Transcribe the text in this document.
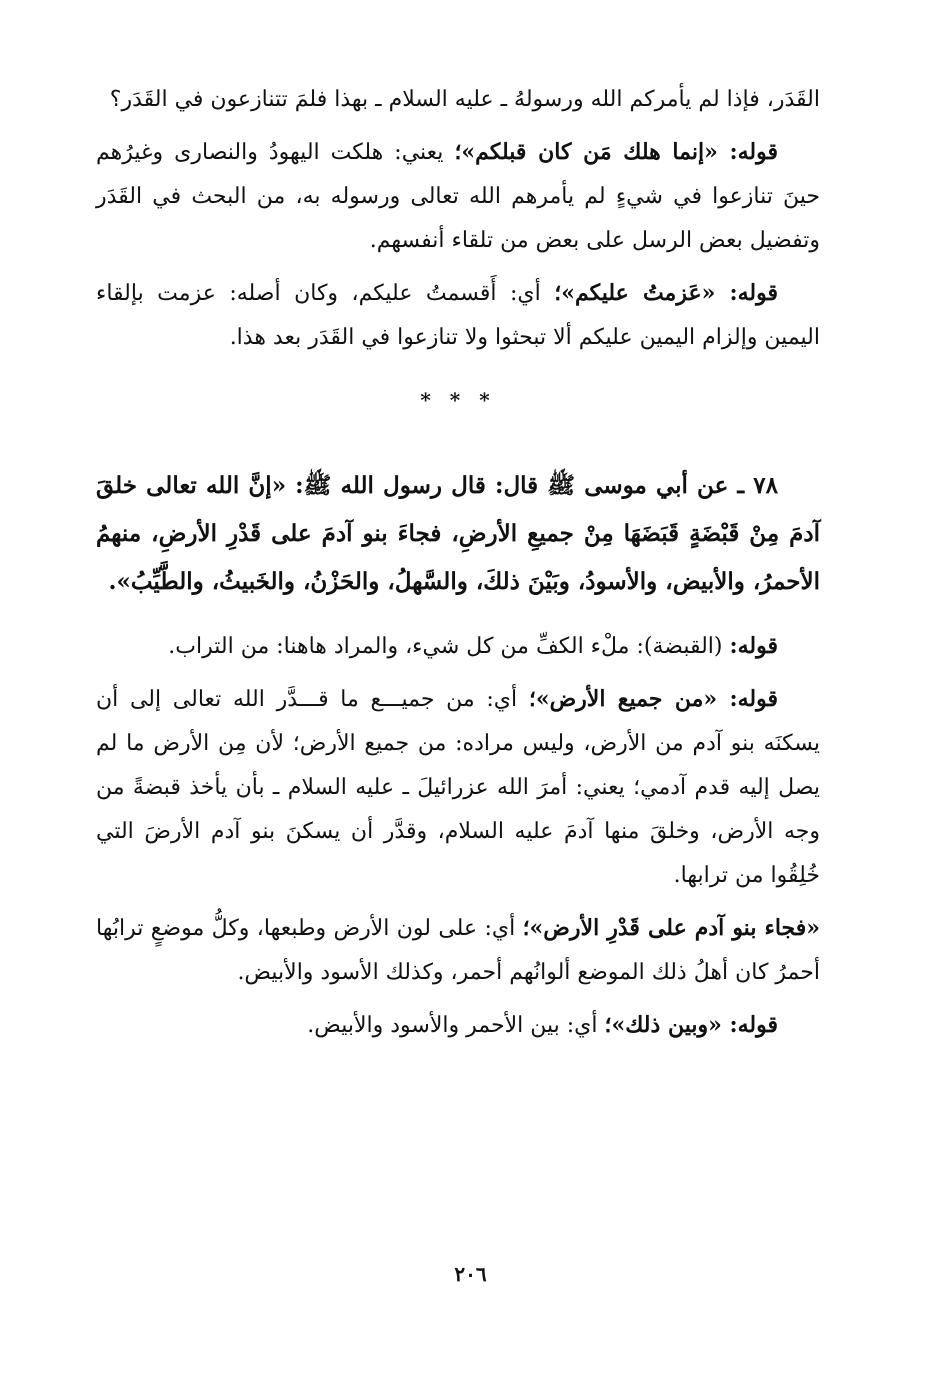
القَدَر، فإذا لم يأمركم الله ورسولهُ ـ عليه السلام ـ بهذا فلمَ تتنازعون في القَدَر؟

قوله: «إنما هلك مَن كان قبلكم»؛ يعني: هلكت اليهودُ والنصارى وغيرُهم حينَ تنازعوا في شيءٍ لم يأمرهم الله تعالى ورسوله به، من البحث في القَدَر وتفضيل بعض الرسل على بعض من تلقاء أنفسهم.

قوله: «عَزمتُ عليكم»؛ أي: أَقسمتُ عليكم، وكان أصله: عزمت بإلقاء اليمين وإلزام اليمين عليكم ألا تبحثوا ولا تنازعوا في القَدَر بعد هذا.

* * *

٧٨ ـ عن أبي موسى ﷺ قال: قال رسول الله ﷺ: «إنَّ الله تعالى خلقَ آدمَ مِنْ قَبْضَةٍ قَبَضَهَا مِنْ جميعِ الأرضِ، فجاءَ بنو آدمَ على قَدْرِ الأرضِ، منهمُ الأحمرُ، والأبيض، والأسودُ، وبَيْنَ ذلكَ، والسَّهلُ، والحَزْنُ، والخَبيثُ، والطَّيِّبُ».

قوله: (القبضة): ملْء الكفِّ من كل شيء، والمراد هاهنا: من التراب.

قوله: «من جميع الأرض»؛ أي: من جميـــع ما قـــدَّر الله تعالى إلى أن يسكنَه بنو آدم من الأرض، وليس مراده: من جميع الأرض؛ لأن مِن الأرض ما لم يصل إليه قدم آدمي؛ يعني: أمرَ الله عزرائيلَ ـ عليه السلام ـ بأن يأخذ قبضةً من وجه الأرض، وخلقَ منها آدمَ عليه السلام، وقدَّر أن يسكنَ بنو آدم الأرضَ التي خُلِقُوا من ترابها.

«فجاء بنو آدم على قَدْرِ الأرض»؛ أي: على لون الأرض وطبعها، وكلُّ موضعٍ ترابُها أحمرُ كان أهلُ ذلك الموضع ألوانُهم أحمر، وكذلك الأسود والأبيض.

قوله: «وبين ذلك»؛ أي: بين الأحمر والأسود والأبيض.

٢٠٦
